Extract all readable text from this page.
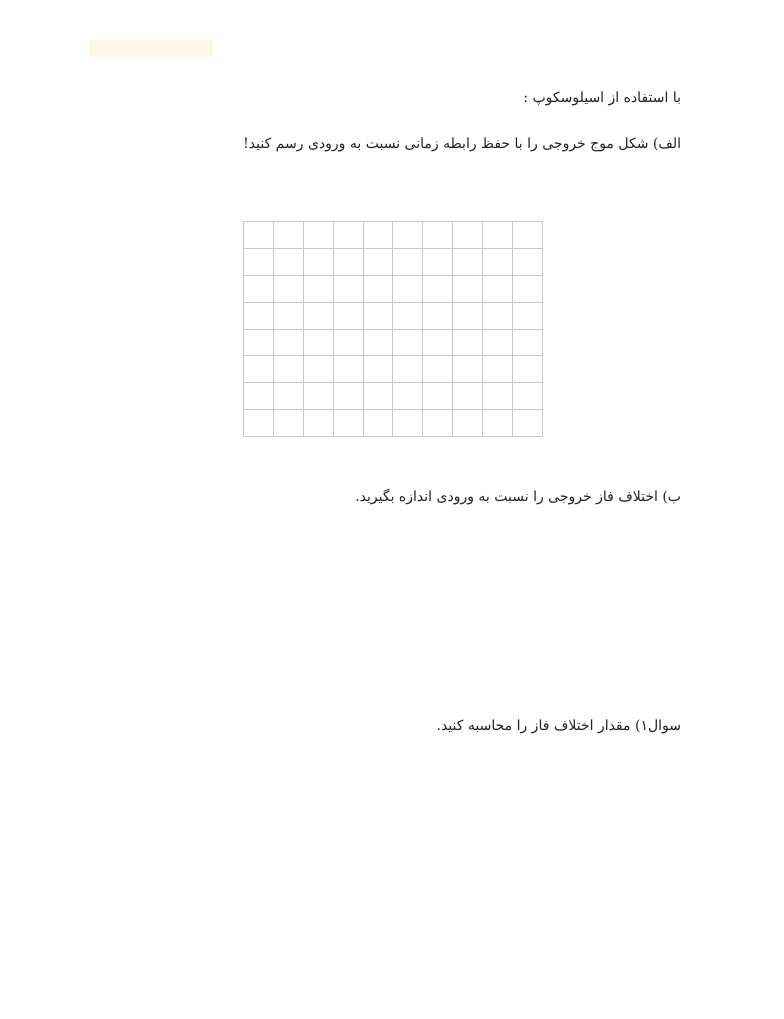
با استفاده از اسیلوسکوپ :
الف) شکل موج خروجی را با حفظ رابطه زمانی نسبت به ورودی رسم کنید!
ب) اختلاف فاز خروجی را نسبت به ورودی اندازه بگیرید.
سوال۱) مقدار اختلاف فاز را محاسبه کنید.
